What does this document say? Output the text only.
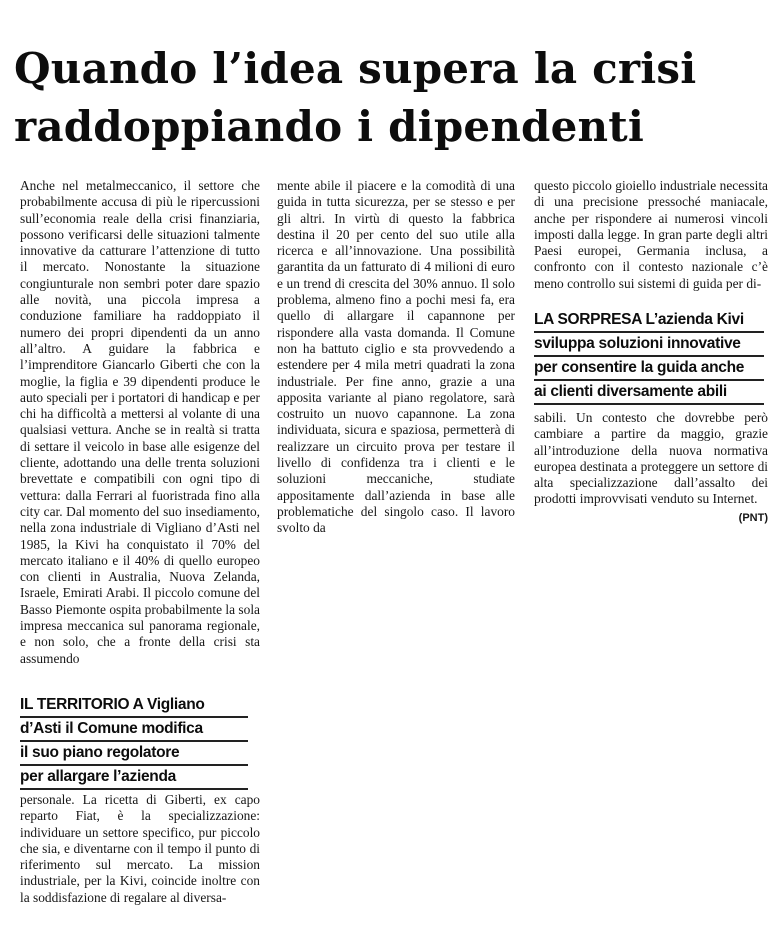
Quando l’idea supera la crisi
raddoppiando i dipendenti

Anche nel metalmeccanico, il settore che probabilmente accusa di più le ripercussioni sull’economia reale della crisi finanziaria, possono verificarsi delle situazioni talmente innovative da catturare l’attenzione di tutto il mercato. Nonostante la situazione congiunturale non sembri poter dare spazio alle novità, una piccola impresa a conduzione familiare ha raddoppiato il numero dei propri dipendenti da un anno all’altro. A guidare la fabbrica e l’imprenditore Giancarlo Giberti che con la moglie, la figlia e 39 dipendenti produce le auto speciali per i portatori di handicap e per chi ha difficoltà a mettersi al volante di una qualsiasi vettura. Anche se in realtà si tratta di settare il veicolo in base alle esigenze del cliente, adottando una delle trenta soluzioni brevettate e compatibili con ogni tipo di vettura: dalla Ferrari al fuoristrada fino alla city car. Dal momento del suo insediamento, nella zona industriale di Vigliano d’Asti nel 1985, la Kivi ha conquistato il 70% del mercato italiano e il 40% di quello europeo con clienti in Australia, Nuova Zelanda, Israele, Emirati Arabi. Il piccolo comune del Basso Piemonte ospita probabilmente la sola impresa meccanica sul panorama regionale, e non solo, che a fronte della crisi sta assumendo

IL TERRITORIO A Vigliano
d’Asti il Comune modifica
il suo piano regolatore
per allargare l’azienda

personale. La ricetta di Giberti, ex capo reparto Fiat, è la specializzazione: individuare un settore specifico, pur piccolo che sia, e diventarne con il tempo il punto di riferimento sul mercato. La mission industriale, per la Kivi, coincide inoltre con la soddisfazione di regalare al diversa-

mente abile il piacere e la comodità di una guida in tutta sicurezza, per se stesso e per gli altri. In virtù di questo la fabbrica destina il 20 per cento del suo utile alla ricerca e all’innovazione. Una possibilità garantita da un fatturato di 4 milioni di euro e un trend di crescita del 30% annuo. Il solo problema, almeno fino a pochi mesi fa, era quello di allargare il capannone per rispondere alla vasta domanda. Il Comune non ha battuto ciglio e sta provvedendo a estendere per 4 mila metri quadrati la zona industriale. Per fine anno, grazie a una apposita variante al piano regolatore, sarà costruito un nuovo capannone. La zona individuata, sicura e spaziosa, permetterà di realizzare un circuito prova per testare il livello di confidenza tra i clienti e le soluzioni meccaniche, studiate appositamente dall’azienda in base alle problematiche del singolo caso. Il lavoro svolto da

questo piccolo gioiello industriale necessita di una precisione pressoché maniacale, anche per rispondere ai numerosi vincoli imposti dalla legge. In gran parte degli altri Paesi europei, Germania inclusa, a confronto con il contesto nazionale c’è meno controllo sui sistemi di guida per di-

LA SORPRESA L’azienda Kivi
sviluppa soluzioni innovative
per consentire la guida anche
ai clienti diversamente abili

sabili. Un contesto che dovrebbe però cambiare a partire da maggio, grazie all’introduzione della nuova normativa europea destinata a proteggere un settore di alta specializzazione dall’assalto dei prodotti improvvisati venduto su Internet.

(PNT)
